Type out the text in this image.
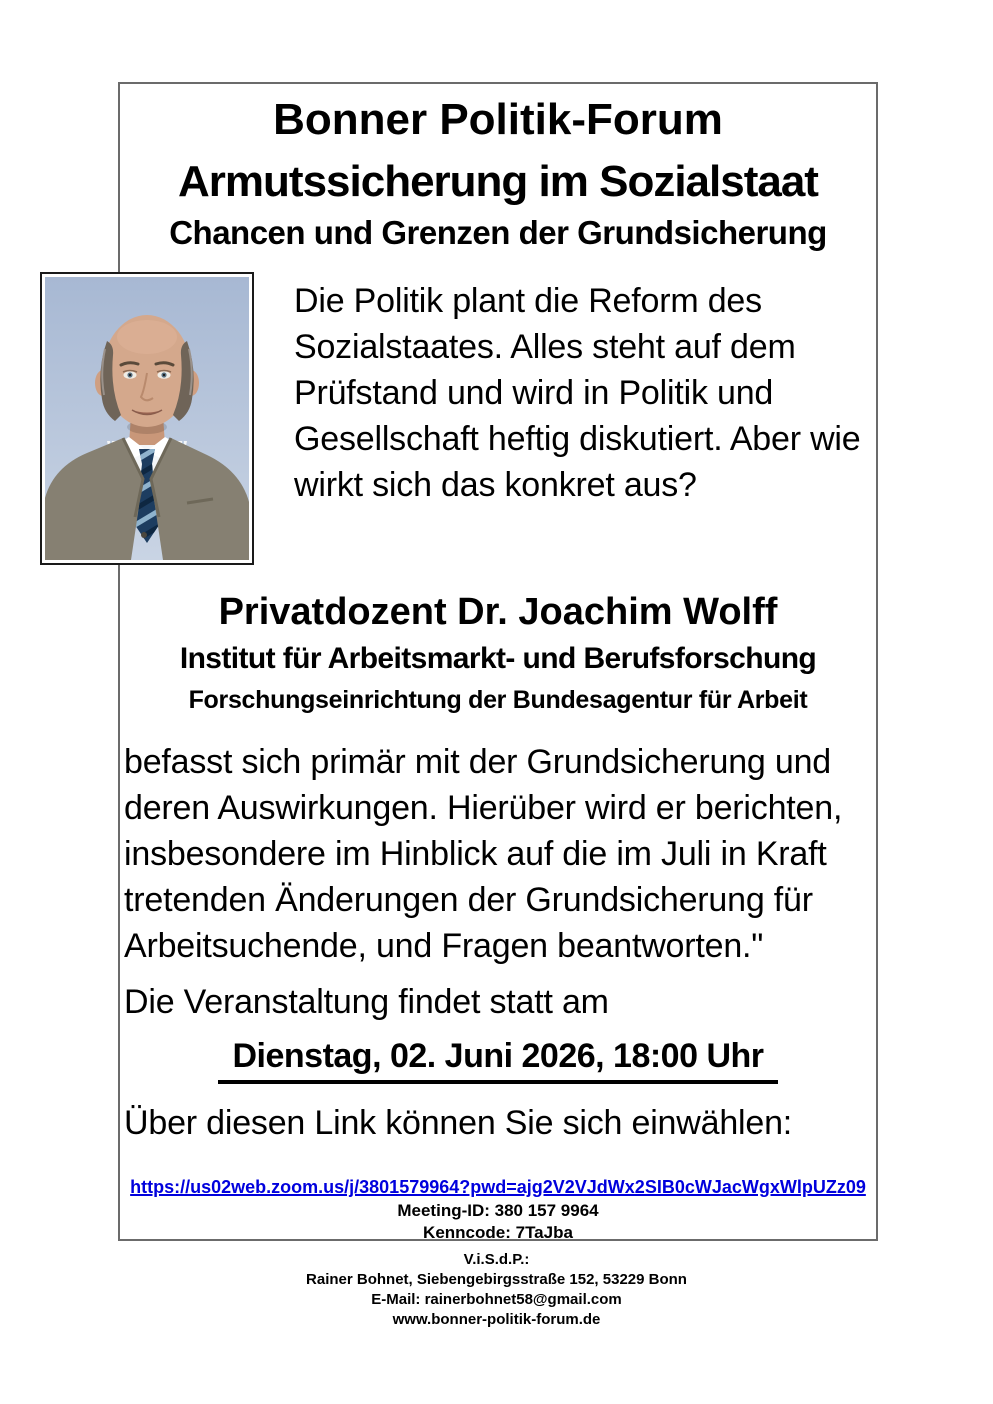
Bonner Politik-Forum
Armutssicherung im Sozialstaat
Chancen und Grenzen der Grundsicherung
Die Politik plant die Reform des Sozialstaates. Alles steht auf dem Prüfstand und wird in Politik und Gesellschaft heftig diskutiert. Aber wie wirkt sich das konkret aus?
Privatdozent Dr. Joachim Wolff
Institut für Arbeitsmarkt- und Berufsforschung
Forschungseinrichtung der Bundesagentur für Arbeit
befasst sich primär mit der Grundsicherung und deren Auswirkungen. Hierüber wird er berichten, insbesondere im Hinblick auf die im Juli in Kraft tretenden Änderungen der Grundsicherung für Arbeitsuchende, und Fragen beantworten."
Die Veranstaltung findet statt am
Dienstag, 02. Juni 2026, 18:00 Uhr
Über diesen Link können Sie sich einwählen:
https://us02web.zoom.us/j/3801579964?pwd=ajg2V2VJdWx2SIB0cWJacWgxWlpUZz09
Meeting-ID: 380 157 9964
Kenncode: 7TaJba
V.i.S.d.P.:
Rainer Bohnet, Siebengebirgsstraße 152, 53229 Bonn
E-Mail: rainerbohnet58@gmail.com
www.bonner-politik-forum.de
